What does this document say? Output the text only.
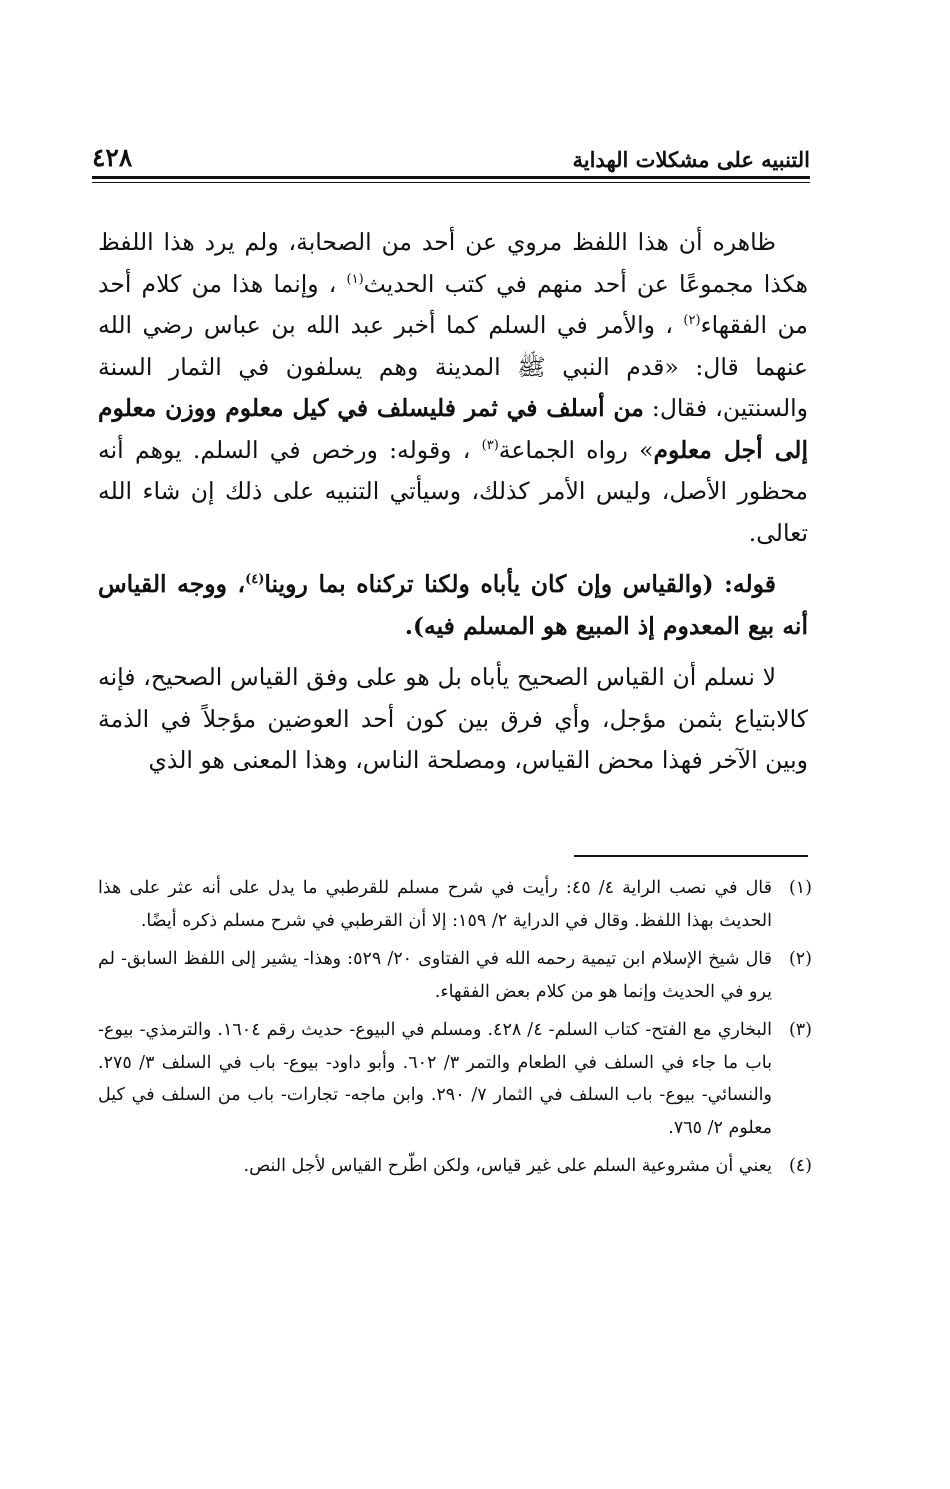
٤٢٨	التنبيه على مشكلات الهداية

ظاهره أن هذا اللفظ مروي عن أحد من الصحابة، ولم يرد هذا اللفظ هكذا مجموعًا عن أحد منهم في كتب الحديث$^{(١)}$ ، وإنما هذا من كلام أحد من الفقهاء$^{(٢)}$ ، والأمر في السلم كما أخبر عبد الله بن عباس رضي الله عنهما قال: «قدم النبي ﷺ المدينة وهم يسلفون في الثمار السنة والسنتين، فقال: من أسلف في ثمر فليسلف في كيل معلوم ووزن معلوم إلى أجل معلوم» رواه الجماعة$^{(٣)}$ ، وقوله: ورخص في السلم. يوهم أنه محظور الأصل، وليس الأمر كذلك، وسيأتي التنبيه على ذلك إن شاء الله تعالى.

قوله: (والقياس وإن كان يأباه ولكنا تركناه بما روينا$^{(٤)}$، ووجه القياس أنه بيع المعدوم إذ المبيع هو المسلم فيه).

لا نسلم أن القياس الصحيح يأباه بل هو على وفق القياس الصحيح، فإنه كالابتياع بثمن مؤجل، وأي فرق بين كون أحد العوضين مؤجلاً في الذمة وبين الآخر فهذا محض القياس، ومصلحة الناس، وهذا المعنى هو الذي

(١)
قال في نصب الراية ٤/ ٤٥: رأيت في شرح مسلم للقرطبي ما يدل على أنه عثر على هذا الحديث بهذا اللفظ. وقال في الدراية ٢/ ١٥٩: إلا أن القرطبي في شرح مسلم ذكره أيضًا.
(٢)
قال شيخ الإسلام ابن تيمية رحمه الله في الفتاوى ٢٠/ ٥٢٩: وهذا- يشير إلى اللفظ السابق- لم يرو في الحديث وإنما هو من كلام بعض الفقهاء.
(٣)
البخاري مع الفتح- كتاب السلم- ٤/ ٤٢٨. ومسلم في البيوع- حديث رقم ١٦٠٤. والترمذي- بيوع- باب ما جاء في السلف في الطعام والتمر ٣/ ٦٠٢. وأبو داود- بيوع- باب في السلف ٣/ ٢٧٥. والنسائي- بيوع- باب السلف في الثمار ٧/ ٢٩٠. وابن ماجه- تجارات- باب من السلف في كيل معلوم ٢/ ٧٦٥.
(٤)
يعني أن مشروعية السلم على غير قياس، ولكن اطّرح القياس لأجل النص.
